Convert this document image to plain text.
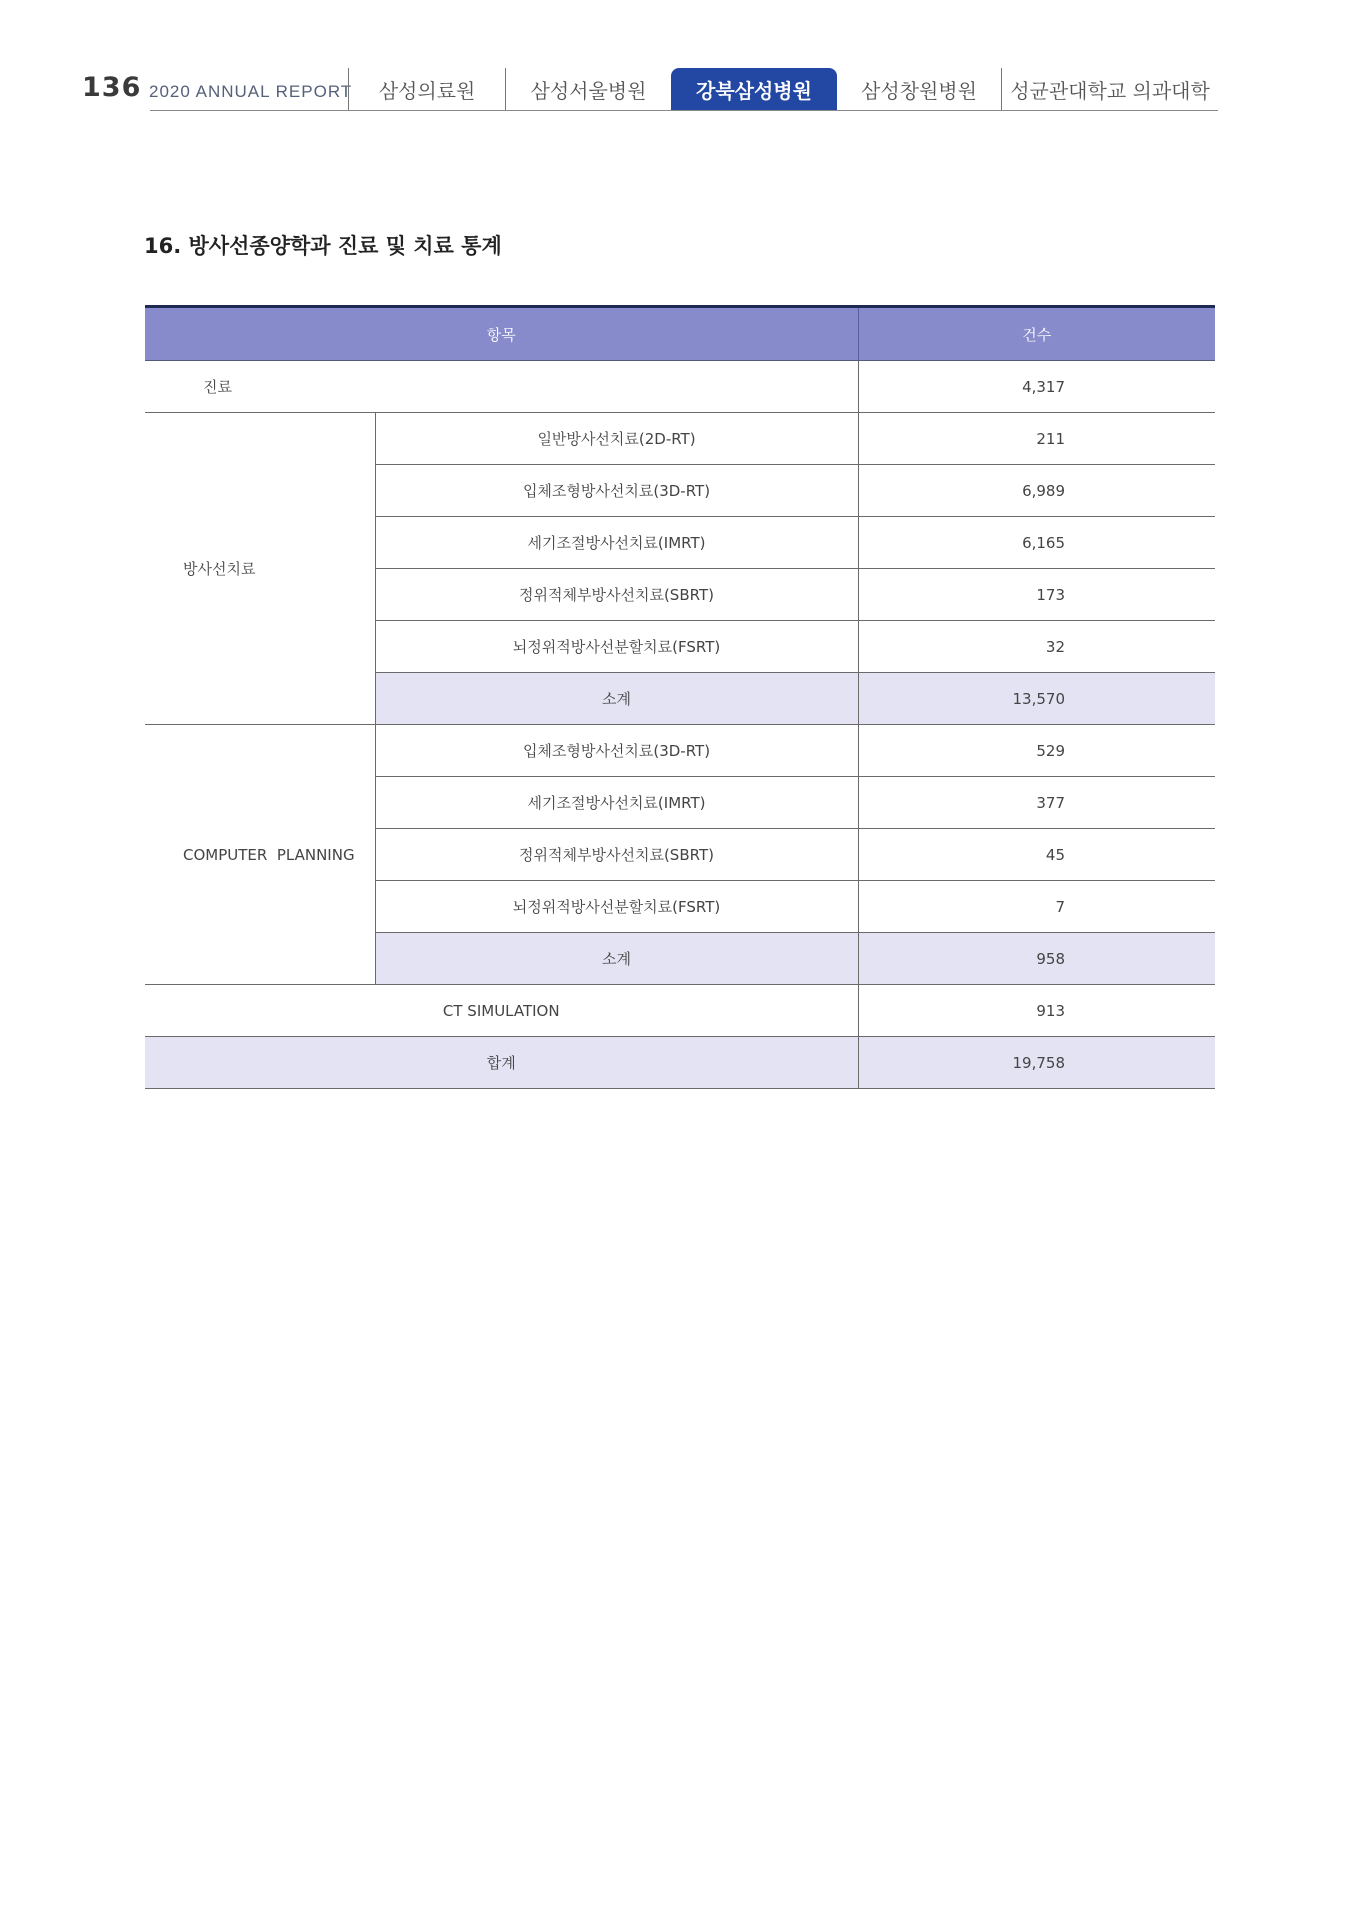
136 2020 ANNUAL REPORT	삼성의료원	삼성서울병원	강북삼성병원	삼성창원병원	성균관대학교 의과대학
16. 방사선종양학과 진료 및 치료 통계
항목		건수
진료		4,317
방사선치료	일반방사선치료(2D-RT)	211
	입체조형방사선치료(3D-RT)	6,989
	세기조절방사선치료(IMRT)	6,165
	정위적체부방사선치료(SBRT)	173
	뇌정위적방사선분할치료(FSRT)	32
	소계	13,570
COMPUTER  PLANNING	입체조형방사선치료(3D-RT)	529
	세기조절방사선치료(IMRT)	377
	정위적체부방사선치료(SBRT)	45
	뇌정위적방사선분할치료(FSRT)	7
	소계	958
CT SIMULATION		913
합계		19,758
